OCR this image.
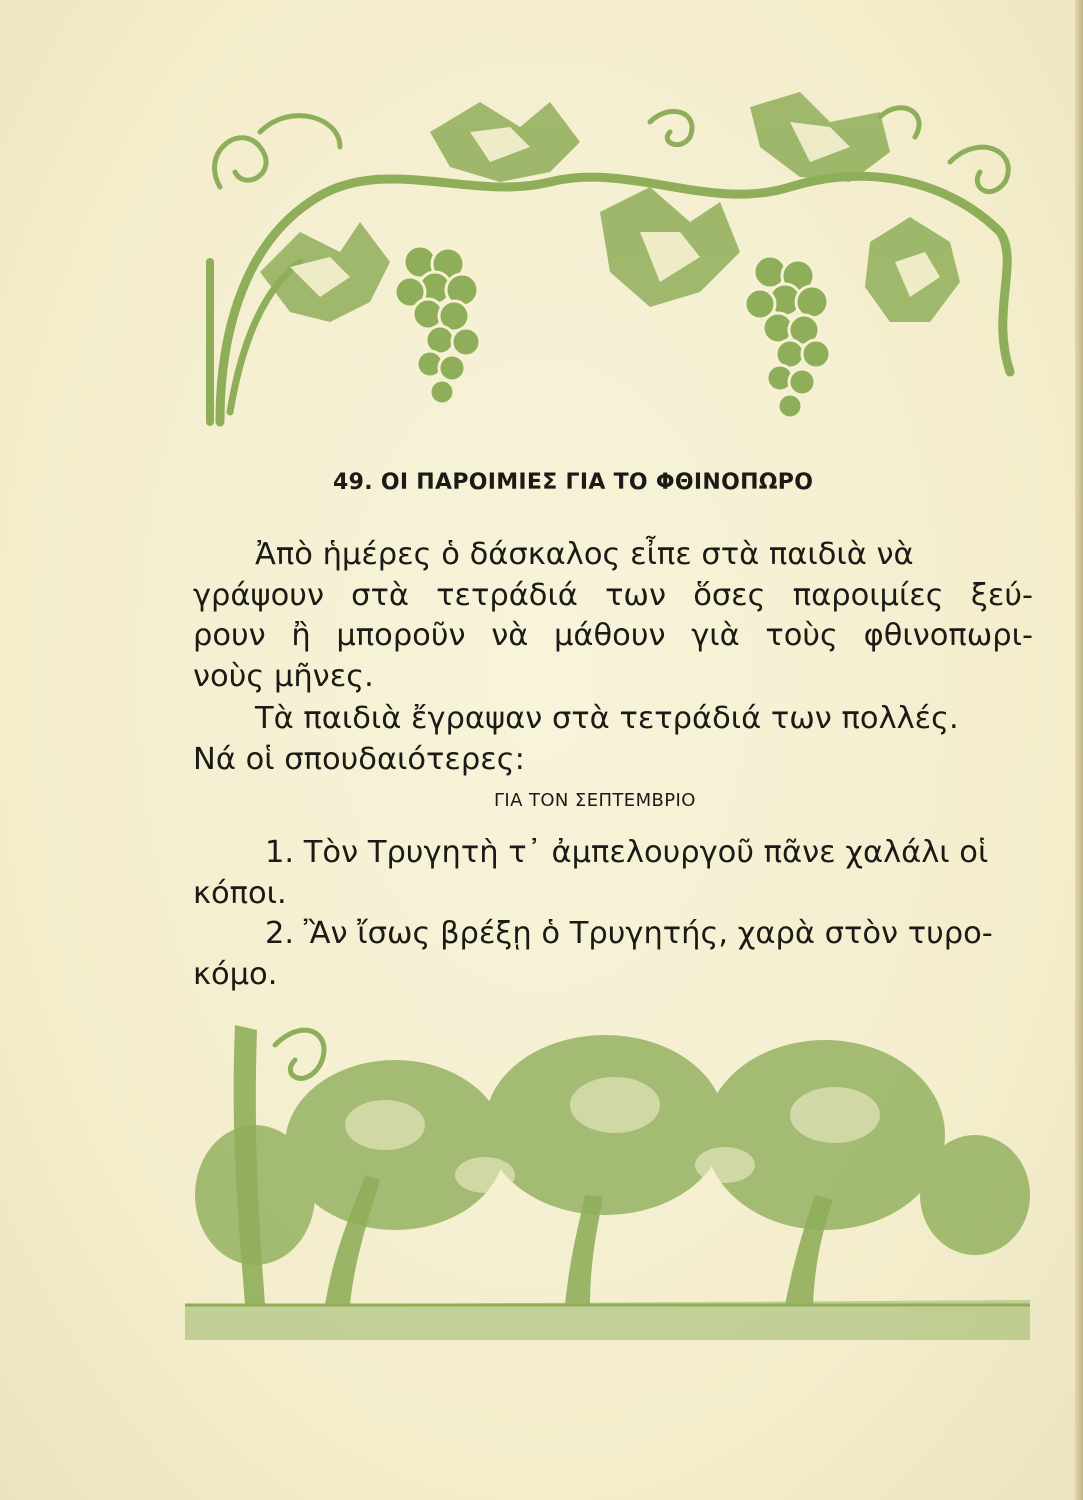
49. ΟΙ ΠΑΡΟΙΜΙΕΣ ΓΙΑ ΤΟ ΦΘΙΝΟΠΩΡΟ
Ἀπὸ ἡμέρες ὁ δάσκαλος εἶπε στὰ παιδιὰ νὰ
γράψουν στὰ τετράδιά των ὅσες παροιμίες ξεύ-
ρουν ἢ μποροῦν νὰ μάθουν γιὰ τοὺς φθινοπωρι-
νοὺς μῆνες.
Τὰ παιδιὰ ἔγραψαν στὰ τετράδιά των πολλές.
Νά οἱ σπουδαιότερες:
ΓΙΑ ΤΟΝ ΣΕΠΤΕΜΒΡΙΟ
1. Τὸν Τρυγητὴ τ᾽ ἀμπελουργοῦ πᾶνε χαλάλι οἱ
κόποι.
2. Ἂν ἴσως βρέξῃ ὁ Τρυγητής, χαρὰ στὸν τυρο-
κόμο.
